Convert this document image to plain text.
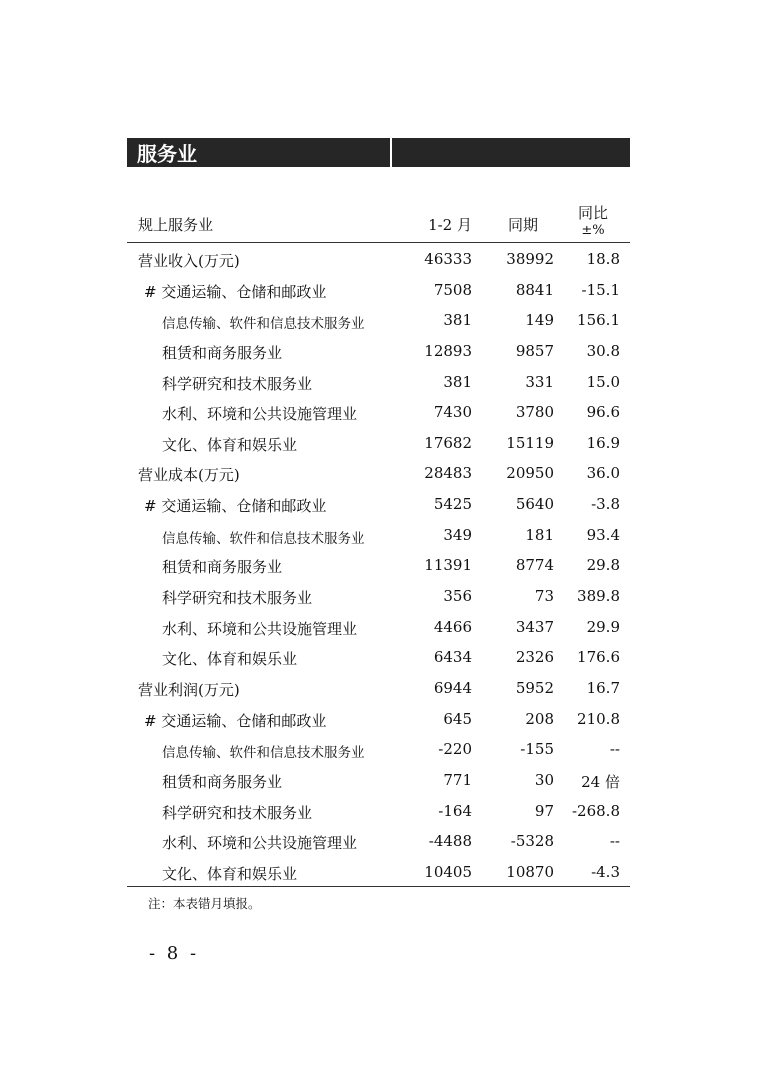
服务业
规上服务业	1-2 月 同期
同比
±%
营业收入(万元)	46333 38992 18.8
# 交通运输、仓储和邮政业	7508	8841 -15.1
信息传输、软件和信息技术服务业	381	149 156.1
租赁和商务服务业	12893	9857 30.8
科学研究和技术服务业	381	331 15.0
水利、环境和公共设施管理业	7430	3780 96.6
文化、体育和娱乐业	17682 15119 16.9
营业成本(万元)	28483 20950 36.0
# 交通运输、仓储和邮政业	5425	5640 -3.8
信息传输、软件和信息技术服务业	349	181 93.4
租赁和商务服务业	11391	8774 29.8
科学研究和技术服务业	356	73 389.8
水利、环境和公共设施管理业	4466	3437 29.9
文化、体育和娱乐业	6434	2326 176.6
营业利润(万元)	6944	5952 16.7
# 交通运输、仓储和邮政业	645	208 210.8
信息传输、软件和信息技术服务业	-220	-155	--
租赁和商务服务业	771	30 24 倍
科学研究和技术服务业	-164	97 -268.8
水利、环境和公共设施管理业	-4488	-5328	--
文化、体育和娱乐业	10405 10870 -4.3
注：本表错月填报。
- 8 -
